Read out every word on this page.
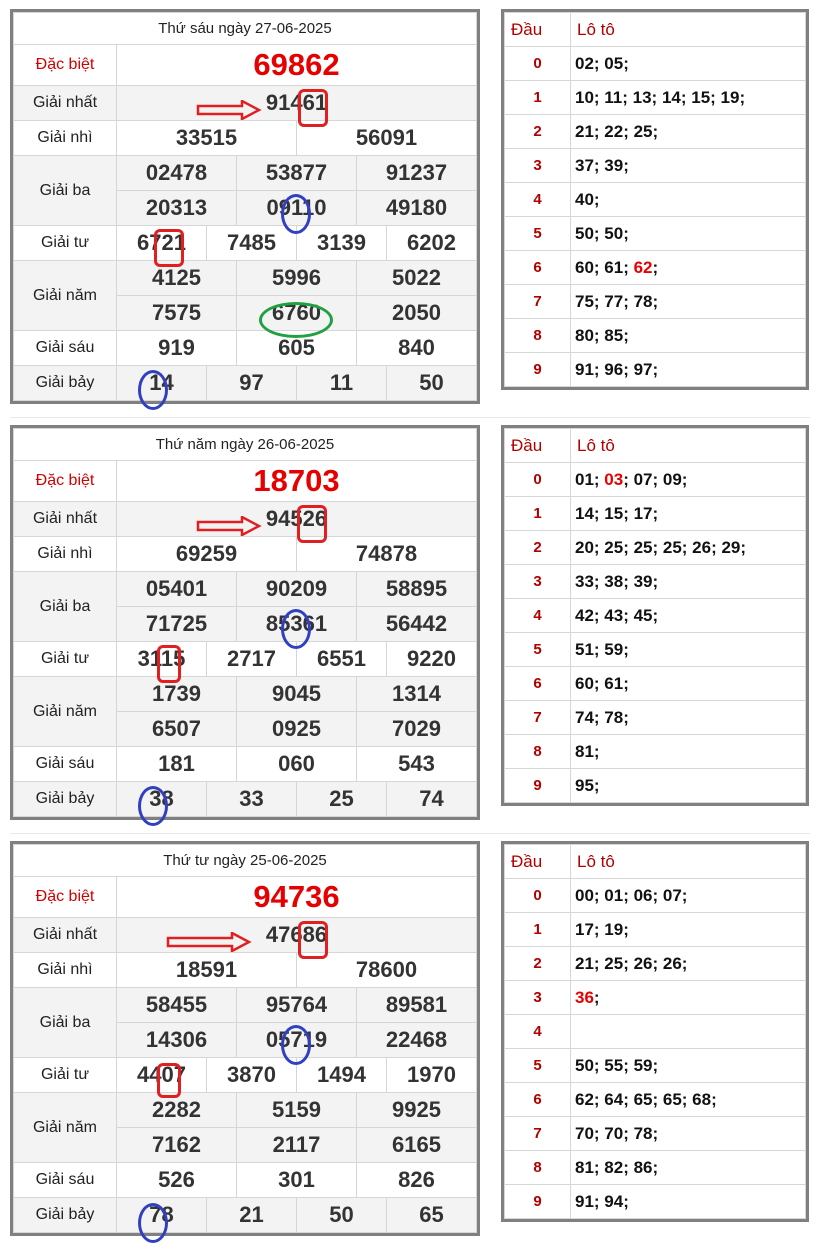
Thứ sáu ngày 27-06-2025						
Đặc biệt	69862					
Giải nhất	91461					
Giải nhì	33515			56091		
Giải ba	02478		53877		91237	
	20313		09110		49180	
Giải tư	6721	7485		3139		6202
Giải năm	4125		5996		5022	
	7575		6760		2050	
Giải sáu	919		605		840	
Giải bảy	14	97		11		50
Đầu	Lô tô
0	02; 05;
1	10; 11; 13; 14; 15; 19;
2	21; 22; 25;
3	37; 39;
4	40;
5	50; 50;
6	60; 61; 62;
7	75; 77; 78;
8	80; 85;
9	91; 96; 97;
Thứ năm ngày 26-06-2025						
Đặc biệt	18703					
Giải nhất	94526					
Giải nhì	69259			74878		
Giải ba	05401		90209		58895	
	71725		85361		56442	
Giải tư	3115	2717		6551		9220
Giải năm	1739		9045		1314	
	6507		0925		7029	
Giải sáu	181		060		543	
Giải bảy	38	33		25		74
Đầu	Lô tô
0	01; 03; 07; 09;
1	14; 15; 17;
2	20; 25; 25; 25; 26; 29;
3	33; 38; 39;
4	42; 43; 45;
5	51; 59;
6	60; 61;
7	74; 78;
8	81;
9	95;
Thứ tư ngày 25-06-2025						
Đặc biệt	94736					
Giải nhất	47686					
Giải nhì	18591			78600		
Giải ba	58455		95764		89581	
	14306		05719		22468	
Giải tư	4407	3870		1494		1970
Giải năm	2282		5159		9925	
	7162		2117		6165	
Giải sáu	526		301		826	
Giải bảy	78	21		50		65
Đầu	Lô tô
0	00; 01; 06; 07;
1	17; 19;
2	21; 25; 26; 26;
3	36;
4	
5	50; 55; 59;
6	62; 64; 65; 65; 68;
7	70; 70; 78;
8	81; 82; 86;
9	91; 94;
